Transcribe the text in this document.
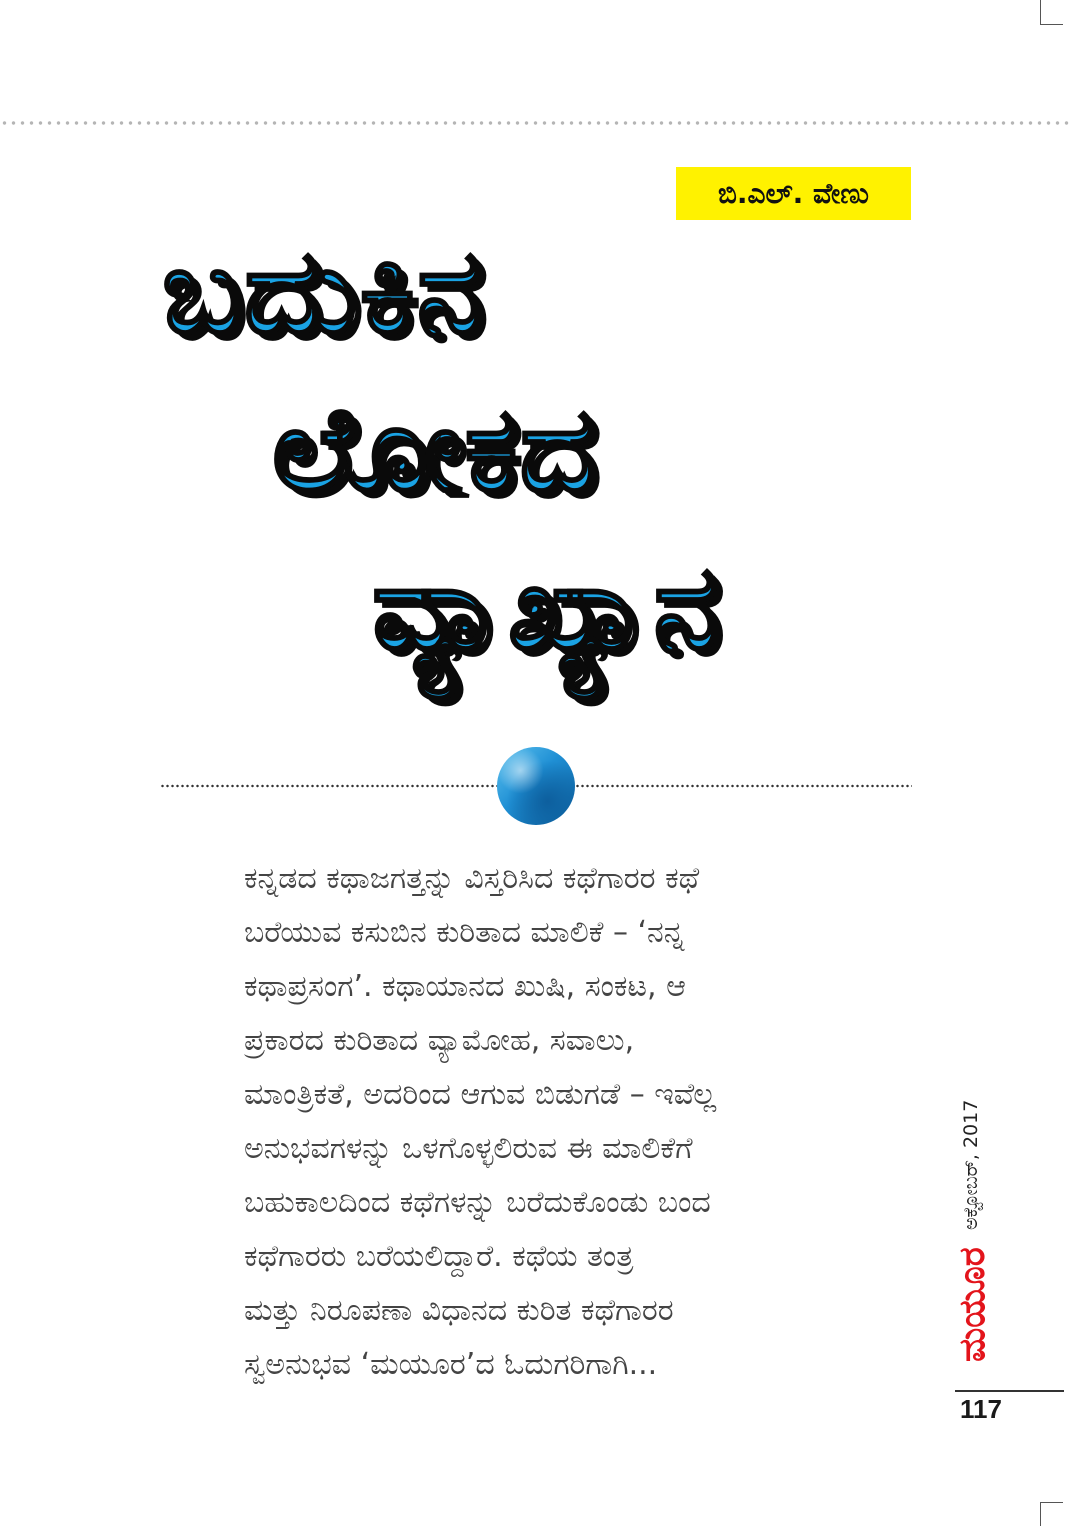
ಬಿ.ಎಲ್. ವೇಣು
ಬದುಕಿನ
ಲೋಕದ
ವ್ಯಾಖ್ಯಾನ
ಕನ್ನಡದ ಕಥಾಜಗತ್ತನ್ನು ವಿಸ್ತರಿಸಿದ ಕಥೆಗಾರರ ಕಥೆ
ಬರೆಯುವ ಕಸುಬಿನ ಕುರಿತಾದ ಮಾಲಿಕೆ – ‘ನನ್ನ
ಕಥಾಪ್ರಸಂಗ’. ಕಥಾಯಾನದ ಖುಷಿ, ಸಂಕಟ, ಆ
ಪ್ರಕಾರದ ಕುರಿತಾದ ವ್ಯಾಮೋಹ, ಸವಾಲು,
ಮಾಂತ್ರಿಕತೆ, ಅದರಿಂದ ಆಗುವ ಬಿಡುಗಡೆ – ಇವೆಲ್ಲ
ಅನುಭವಗಳನ್ನು ಒಳಗೊಳ್ಳಲಿರುವ ಈ ಮಾಲಿಕೆಗೆ
ಬಹುಕಾಲದಿಂದ ಕಥೆಗಳನ್ನು ಬರೆದುಕೊಂಡು ಬಂದ
ಕಥೆಗಾರರು ಬರೆಯಲಿದ್ದಾರೆ. ಕಥೆಯ ತಂತ್ರ
ಮತ್ತು ನಿರೂಪಣಾ ವಿಧಾನದ ಕುರಿತ ಕಥೆಗಾರರ
ಸ್ವಅನುಭವ ‘ಮಯೂರ’ದ ಓದುಗರಿಗಾಗಿ...
ಅಕ್ಟೋಬರ್, 2017
ಮಯೂರ
117
